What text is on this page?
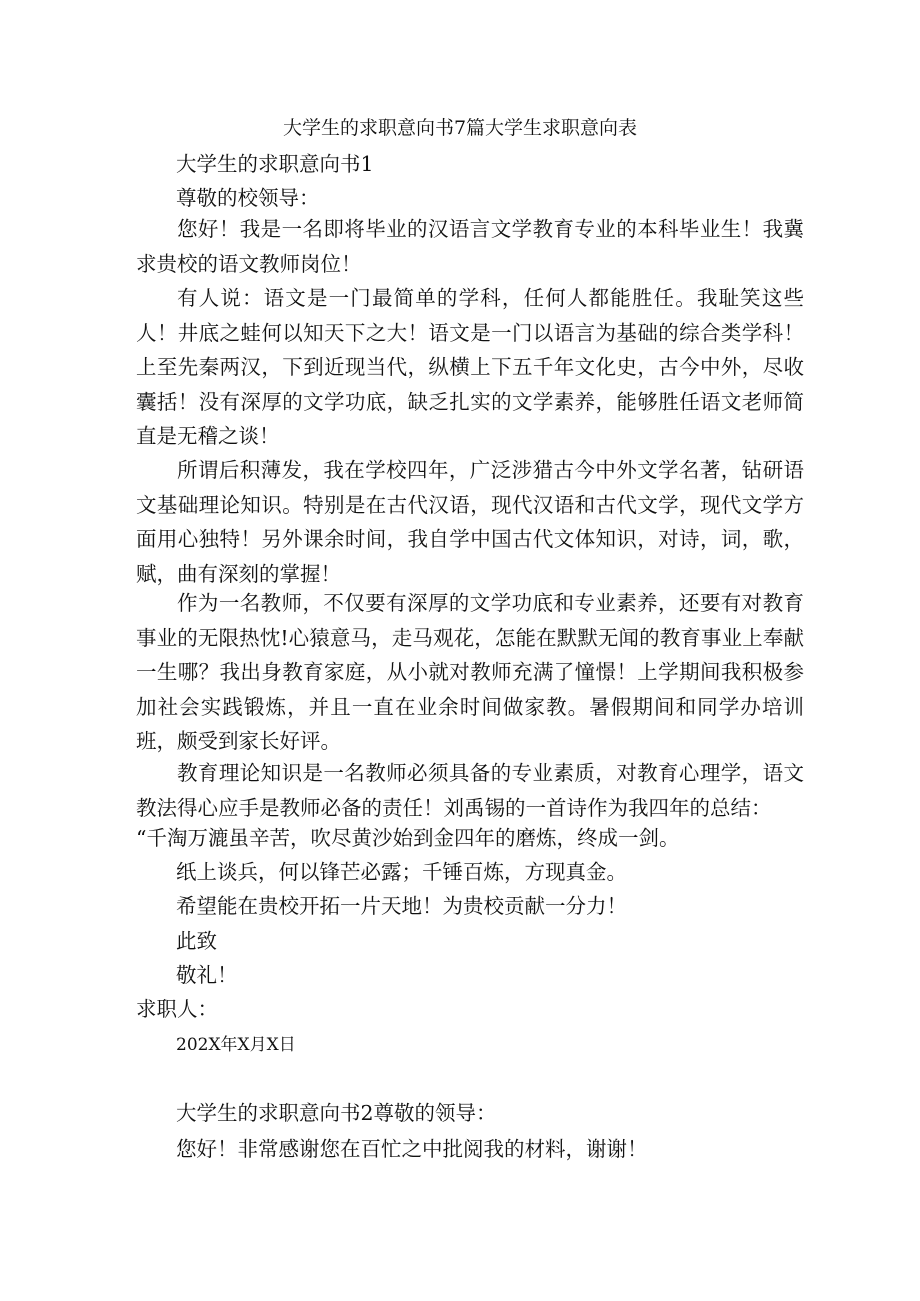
大学生的求职意向书7篇大学生求职意向表
大学生的求职意向书1
尊敬的校领导：

您好！我是一名即将毕业的汉语言文学教育专业的本科毕业生！我冀求贵校的语文教师岗位！

有人说：语文是一门最简单的学科，任何人都能胜任。我耻笑这些人！井底之蛙何以知天下之大！语文是一门以语言为基础的综合类学科！上至先秦两汉，下到近现当代，纵横上下五千年文化史，古今中外，尽收囊括！没有深厚的文学功底，缺乏扎实的文学素养，能够胜任语文老师简直是无稽之谈！

所谓后积薄发，我在学校四年，广泛涉猎古今中外文学名著，钻研语文基础理论知识。特别是在古代汉语，现代汉语和古代文学，现代文学方面用心独特！另外课余时间，我自学中国古代文体知识，对诗，词，歌，赋，曲有深刻的掌握！

作为一名教师，不仅要有深厚的文学功底和专业素养，还要有对教育事业的无限热忱!心猿意马，走马观花，怎能在默默无闻的教育事业上奉献一生哪？我出身教育家庭，从小就对教师充满了憧憬！上学期间我积极参加社会实践锻炼，并且一直在业余时间做家教。暑假期间和同学办培训班，颇受到家长好评。

教育理论知识是一名教师必须具备的专业素质，对教育心理学，语文教法得心应手是教师必备的责任！刘禹锡的一首诗作为我四年的总结：

“千淘万漉虽辛苦，吹尽黄沙始到金四年的磨炼，终成一剑。
纸上谈兵，何以锋芒必露；千锤百炼，方现真金。
希望能在贵校开拓一片天地！为贵校贡献一分力！
此致
敬礼！
求职人：
202X年X月X日
大学生的求职意向书2尊敬的领导：
您好！非常感谢您在百忙之中批阅我的材料，谢谢！
